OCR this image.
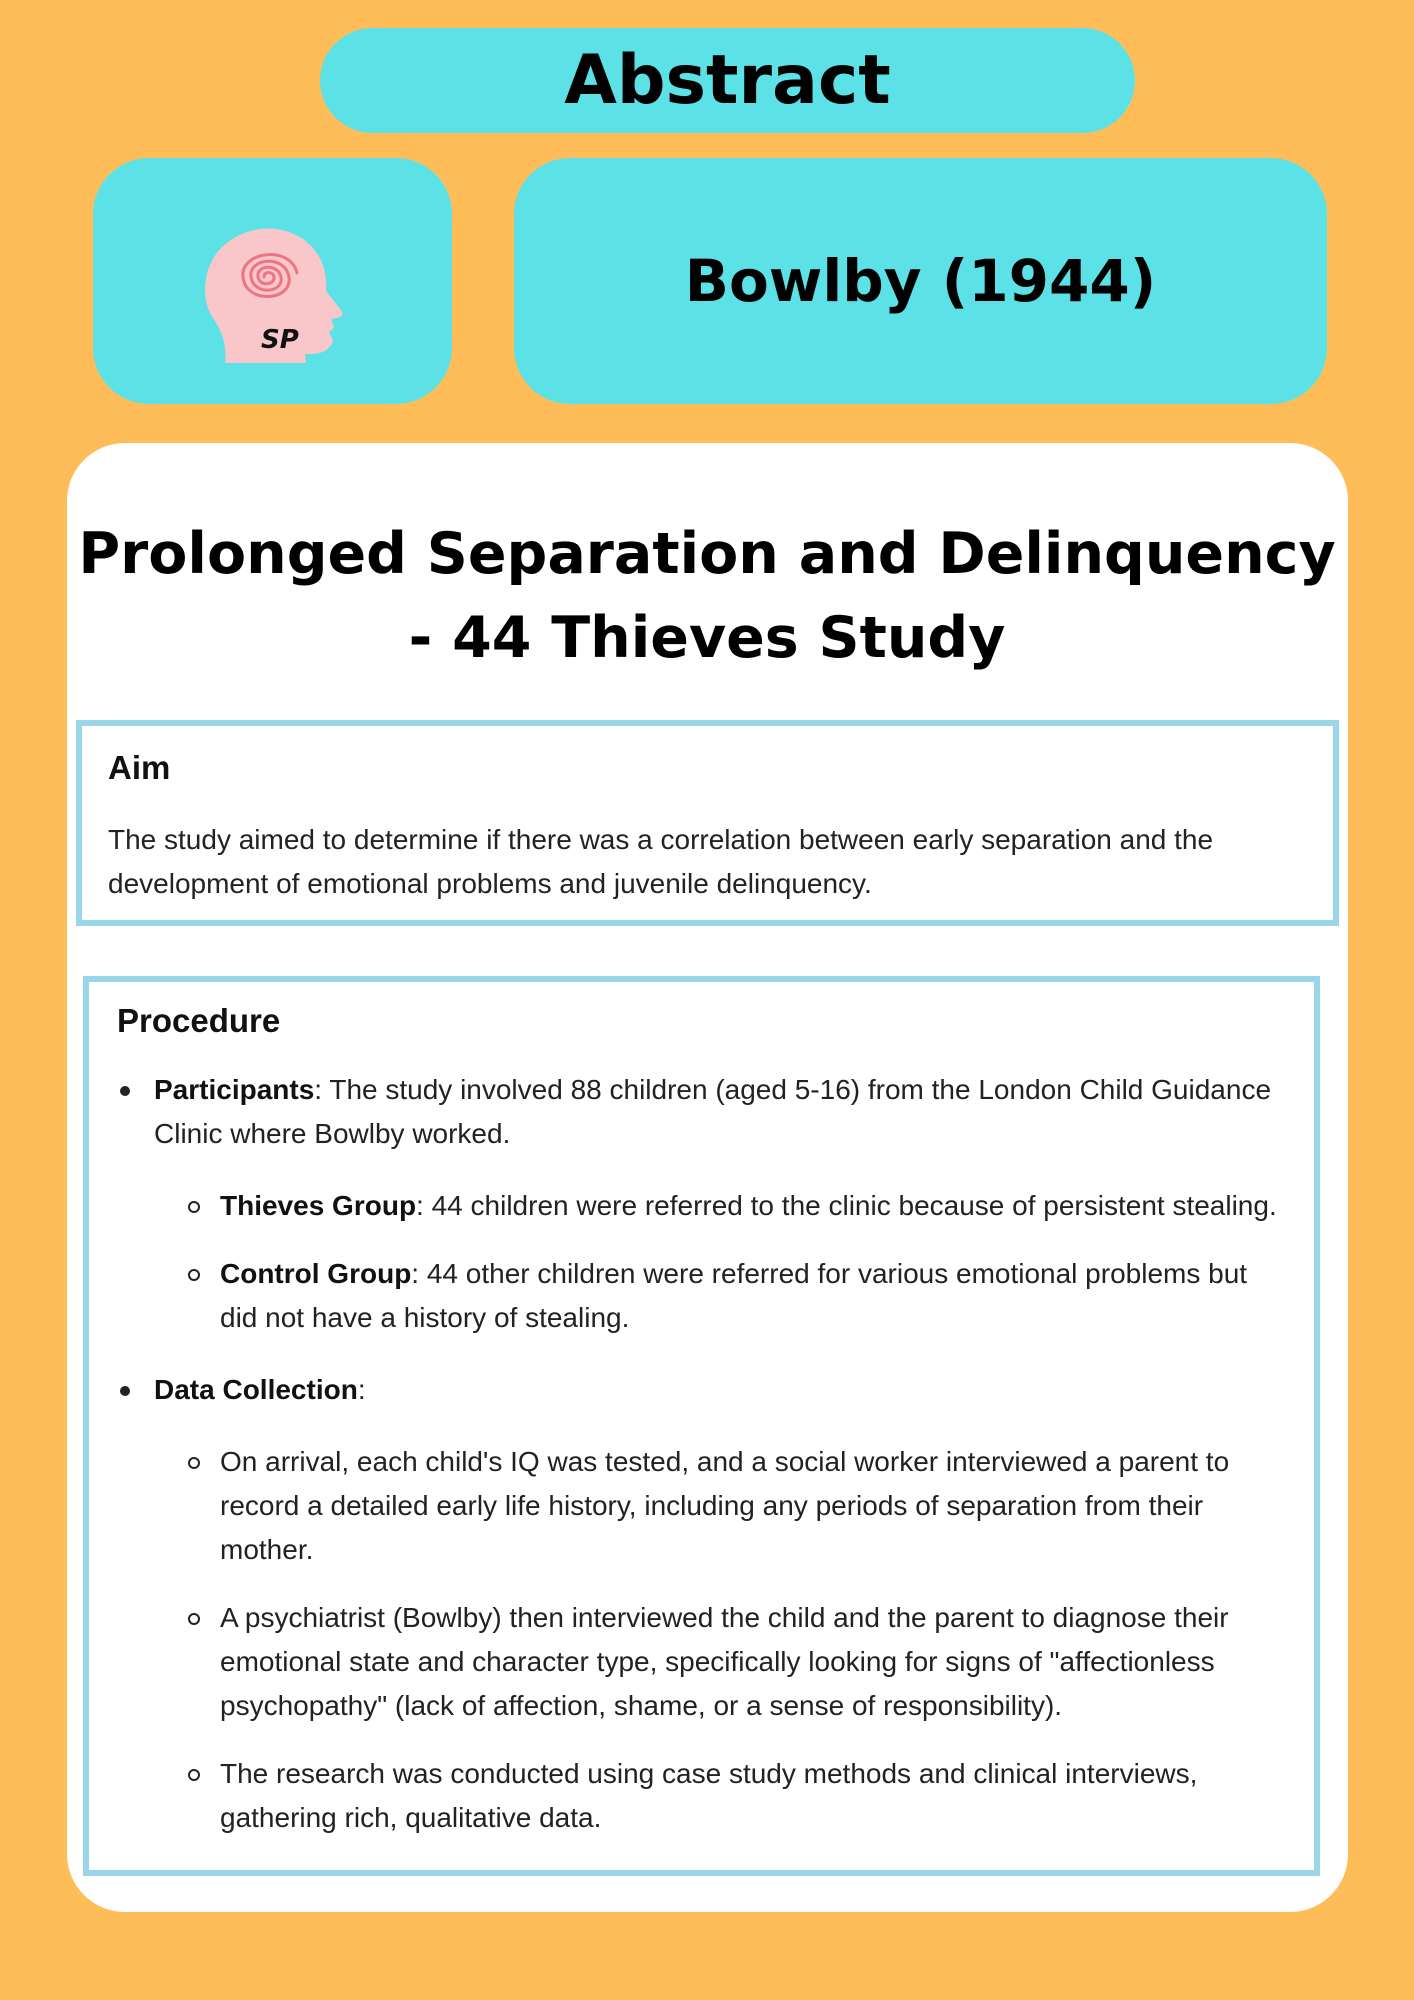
Abstract
SP
Bowlby (1944)
Prolonged Separation and Delinquency
- 44 Thieves Study
Aim
The study aimed to determine if there was a correlation between early separation and the development of emotional problems and juvenile delinquency.
Procedure
Participants: The study involved 88 children (aged 5-16) from the London Child Guidance Clinic where Bowlby worked.
Thieves Group: 44 children were referred to the clinic because of persistent stealing.
Control Group: 44 other children were referred for various emotional problems but did not have a history of stealing.
Data Collection:
On arrival, each child's IQ was tested, and a social worker interviewed a parent to record a detailed early life history, including any periods of separation from their mother.
A psychiatrist (Bowlby) then interviewed the child and the parent to diagnose their emotional state and character type, specifically looking for signs of "affectionless psychopathy" (lack of affection, shame, or a sense of responsibility).
The research was conducted using case study methods and clinical interviews, gathering rich, qualitative data.
